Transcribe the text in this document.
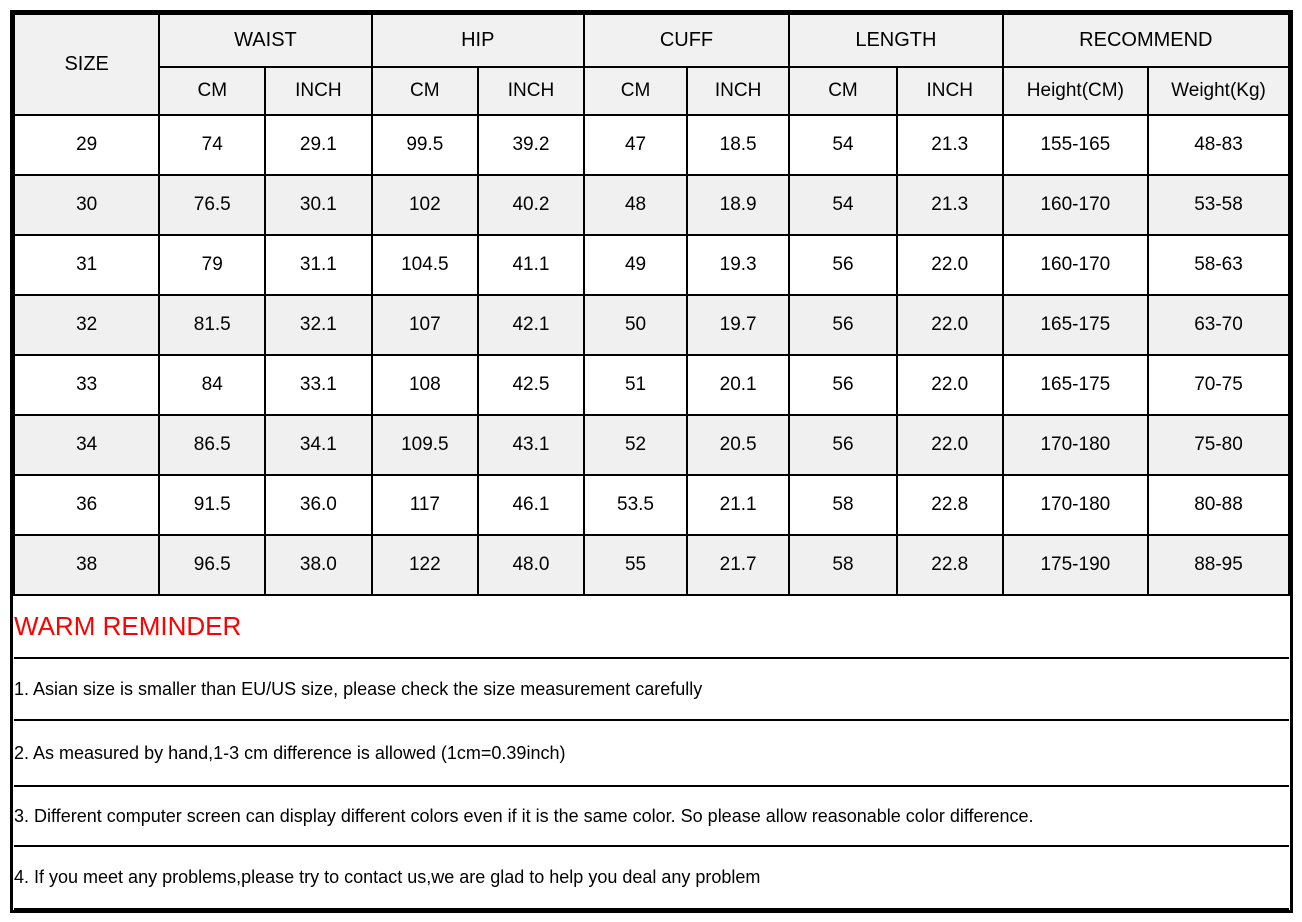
SIZE	WAIST		HIP		CUFF		LENGTH		RECOMMEND	
	CM	INCH	CM	INCH	CM	INCH	CM	INCH	Height(CM)	Weight(Kg)
29	74	29.1	99.5	39.2	47	18.5	54	21.3	155-165	48-83
30	76.5	30.1	102	40.2	48	18.9	54	21.3	160-170	53-58
31	79	31.1	104.5	41.1	49	19.3	56	22.0	160-170	58-63
32	81.5	32.1	107	42.1	50	19.7	56	22.0	165-175	63-70
33	84	33.1	108	42.5	51	20.1	56	22.0	165-175	70-75
34	86.5	34.1	109.5	43.1	52	20.5	56	22.0	170-180	75-80
36	91.5	36.0	117	46.1	53.5	21.1	58	22.8	170-180	80-88
38	96.5	38.0	122	48.0	55	21.7	58	22.8	175-190	88-95
WARM REMINDER										
1. Asian size is smaller than EU/US size, please check the size measurement carefully										
2. As measured by hand,1-3 cm difference is allowed (1cm=0.39inch)										
3. Different computer screen can display different colors even if it is the same color. So please allow reasonable color difference.										
4. If you meet any problems,please try to contact us,we are glad to help you deal any problem										
